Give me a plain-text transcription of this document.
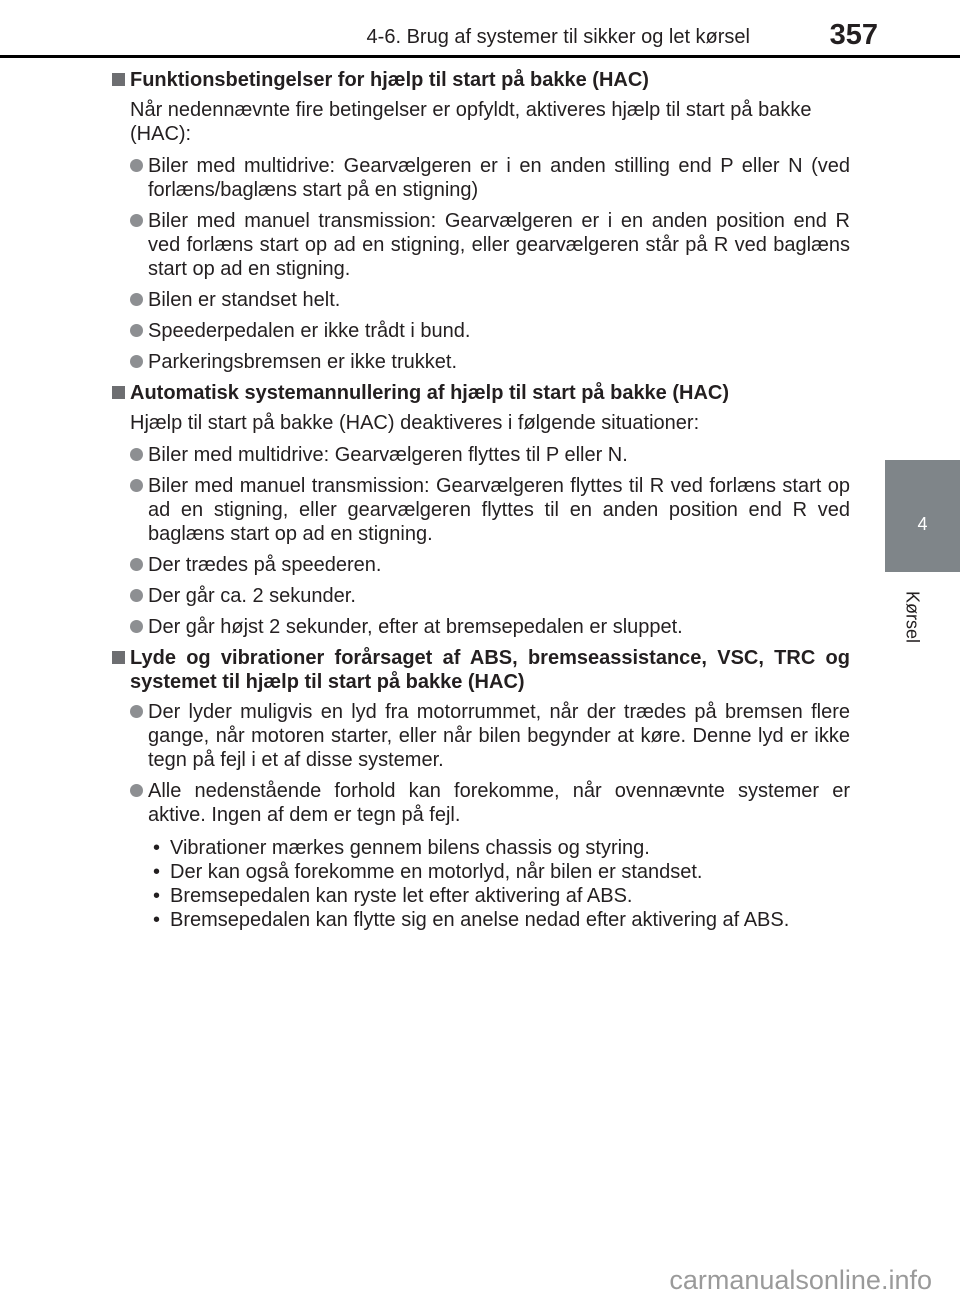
4-6. Brug af systemer til sikker og let kørsel	357
4
Kørsel
Funktionsbetingelser for hjælp til start på bakke (HAC)
Når nedennævnte fire betingelser er opfyldt, aktiveres hjælp til start på bakke (HAC):
Biler med multidrive: Gearvælgeren er i en anden stilling end P eller N (ved forlæns/baglæns start på en stigning)
Biler med manuel transmission: Gearvælgeren er i en anden position end R ved forlæns start op ad en stigning, eller gearvælgeren står på R ved baglæns start op ad en stigning.
Bilen er standset helt.
Speederpedalen er ikke trådt i bund.
Parkeringsbremsen er ikke trukket.
Automatisk systemannullering af hjælp til start på bakke (HAC)
Hjælp til start på bakke (HAC) deaktiveres i følgende situationer:
Biler med multidrive: Gearvælgeren flyttes til P eller N.
Biler med manuel transmission: Gearvælgeren flyttes til R ved forlæns start op ad en stigning, eller gearvælgeren flyttes til en anden position end R ved baglæns start op ad en stigning.
Der trædes på speederen.
Der går ca. 2 sekunder.
Der går højst 2 sekunder, efter at bremsepedalen er sluppet.
Lyde og vibrationer forårsaget af ABS, bremseassistance, VSC, TRC og systemet til hjælp til start på bakke (HAC)
Der lyder muligvis en lyd fra motorrummet, når der trædes på bremsen flere gange, når motoren starter, eller når bilen begynder at køre. Denne lyd er ikke tegn på fejl i et af disse systemer.
Alle nedenstående forhold kan forekomme, når ovennævnte systemer er aktive. Ingen af dem er tegn på fejl.
• Vibrationer mærkes gennem bilens chassis og styring.
• Der kan også forekomme en motorlyd, når bilen er standset.
• Bremsepedalen kan ryste let efter aktivering af ABS.
• Bremsepedalen kan flytte sig en anelse nedad efter aktivering af ABS.
carmanualsonline.info
